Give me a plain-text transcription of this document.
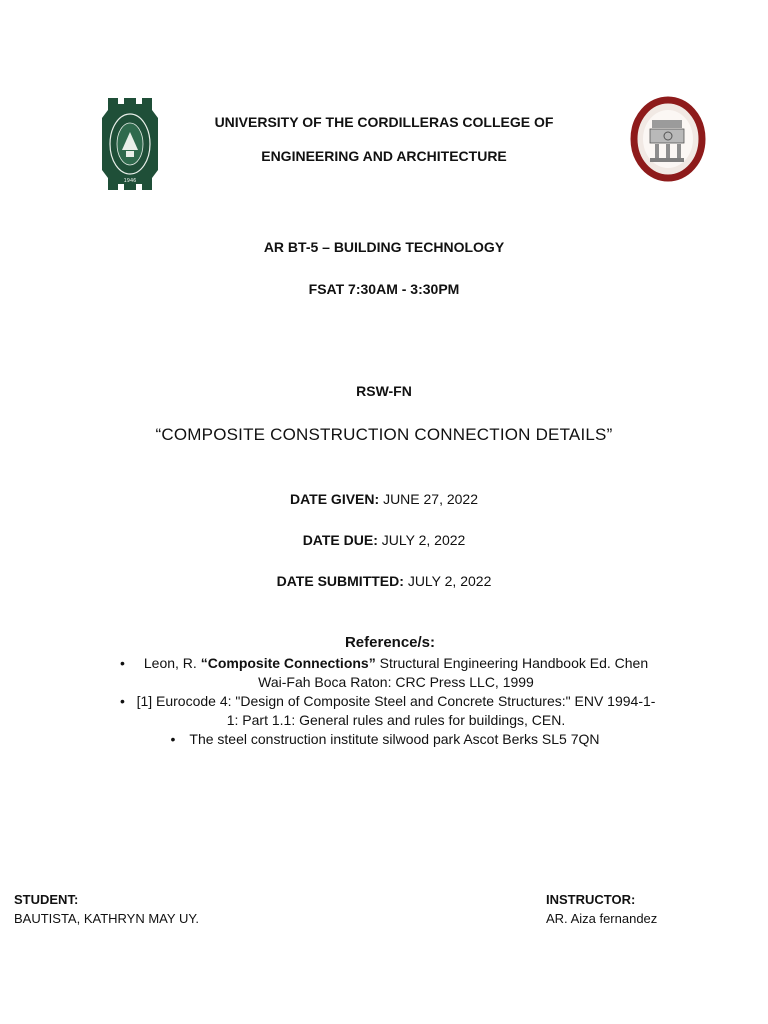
1946
UNIVERSITY OF THE CORDILLERAS COLLEGE OF
ENGINEERING AND ARCHITECTURE
AR BT-5 – BUILDING TECHNOLOGY
FSAT 7:30AM - 3:30PM
RSW-FN
“COMPOSITE CONSTRUCTION CONNECTION DETAILS”
DATE GIVEN: JUNE 27, 2022
DATE DUE: JULY 2, 2022
DATE SUBMITTED: JULY 2, 2022
Reference/s:
• Leon, R. “Composite Connections” Structural Engineering Handbook Ed. Chen Wai-Fah Boca Raton: CRC Press LLC, 1999
• [1] Eurocode 4: "Design of Composite Steel and Concrete Structures:" ENV 1994-1-1: Part 1.1: General rules and rules for buildings, CEN.
• The steel construction institute silwood park Ascot Berks SL5 7QN
STUDENT:
BAUTISTA, KATHRYN MAY UY.
INSTRUCTOR:
AR. Aiza fernandez
